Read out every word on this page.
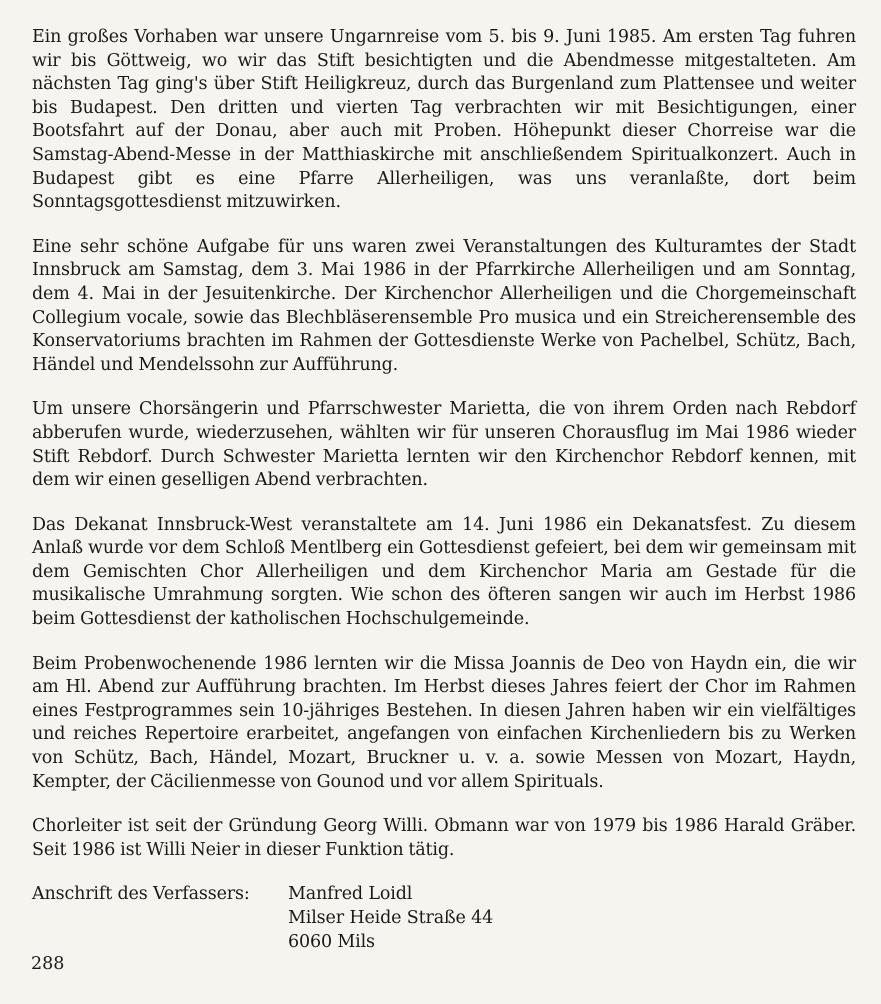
Ein großes Vorhaben war unsere Ungarnreise vom 5. bis 9. Juni 1985. Am ersten Tag fuhren wir bis Göttweig, wo wir das Stift besichtigten und die Abendmesse mitgestalteten. Am nächsten Tag ging's über Stift Heiligkreuz, durch das Burgenland zum Plattensee und weiter bis Budapest. Den dritten und vierten Tag verbrachten wir mit Besichtigungen, einer Bootsfahrt auf der Donau, aber auch mit Proben. Höhepunkt dieser Chorreise war die Samstag-Abend-Messe in der Matthiaskirche mit anschließendem Spiritualkonzert. Auch in Budapest gibt es eine Pfarre Allerheiligen, was uns veranlaßte, dort beim Sonntagsgottesdienst mitzuwirken.

Eine sehr schöne Aufgabe für uns waren zwei Veranstaltungen des Kulturamtes der Stadt Innsbruck am Samstag, dem 3. Mai 1986 in der Pfarrkirche Allerheiligen und am Sonntag, dem 4. Mai in der Jesuitenkirche. Der Kirchenchor Allerheiligen und die Chorgemeinschaft Collegium vocale, sowie das Blechbläserensemble Pro musica und ein Streicherensemble des Konservatoriums brachten im Rahmen der Gottesdienste Werke von Pachelbel, Schütz, Bach, Händel und Mendelssohn zur Aufführung.

Um unsere Chorsängerin und Pfarrschwester Marietta, die von ihrem Orden nach Rebdorf abberufen wurde, wiederzusehen, wählten wir für unseren Chorausflug im Mai 1986 wieder Stift Rebdorf. Durch Schwester Marietta lernten wir den Kirchenchor Rebdorf kennen, mit dem wir einen geselligen Abend verbrachten.

Das Dekanat Innsbruck-West veranstaltete am 14. Juni 1986 ein Dekanatsfest. Zu diesem Anlaß wurde vor dem Schloß Mentlberg ein Gottesdienst gefeiert, bei dem wir gemeinsam mit dem Gemischten Chor Allerheiligen und dem Kirchenchor Maria am Gestade für die musikalische Umrahmung sorgten. Wie schon des öfteren sangen wir auch im Herbst 1986 beim Gottesdienst der katholischen Hochschulgemeinde.

Beim Probenwochenende 1986 lernten wir die Missa Joannis de Deo von Haydn ein, die wir am Hl. Abend zur Aufführung brachten. Im Herbst dieses Jahres feiert der Chor im Rahmen eines Festprogrammes sein 10-jähriges Bestehen. In diesen Jahren haben wir ein vielfältiges und reiches Repertoire erarbeitet, angefangen von einfachen Kirchenliedern bis zu Werken von Schütz, Bach, Händel, Mozart, Bruckner u. v. a. sowie Messen von Mozart, Haydn, Kempter, der Cäcilienmesse von Gounod und vor allem Spirituals.

Chorleiter ist seit der Gründung Georg Willi. Obmann war von 1979 bis 1986 Harald Gräber. Seit 1986 ist Willi Neier in dieser Funktion tätig.

Anschrift des Verfassers:	Manfred Loidl
Milser Heide Straße 44
6060 Mils
288
